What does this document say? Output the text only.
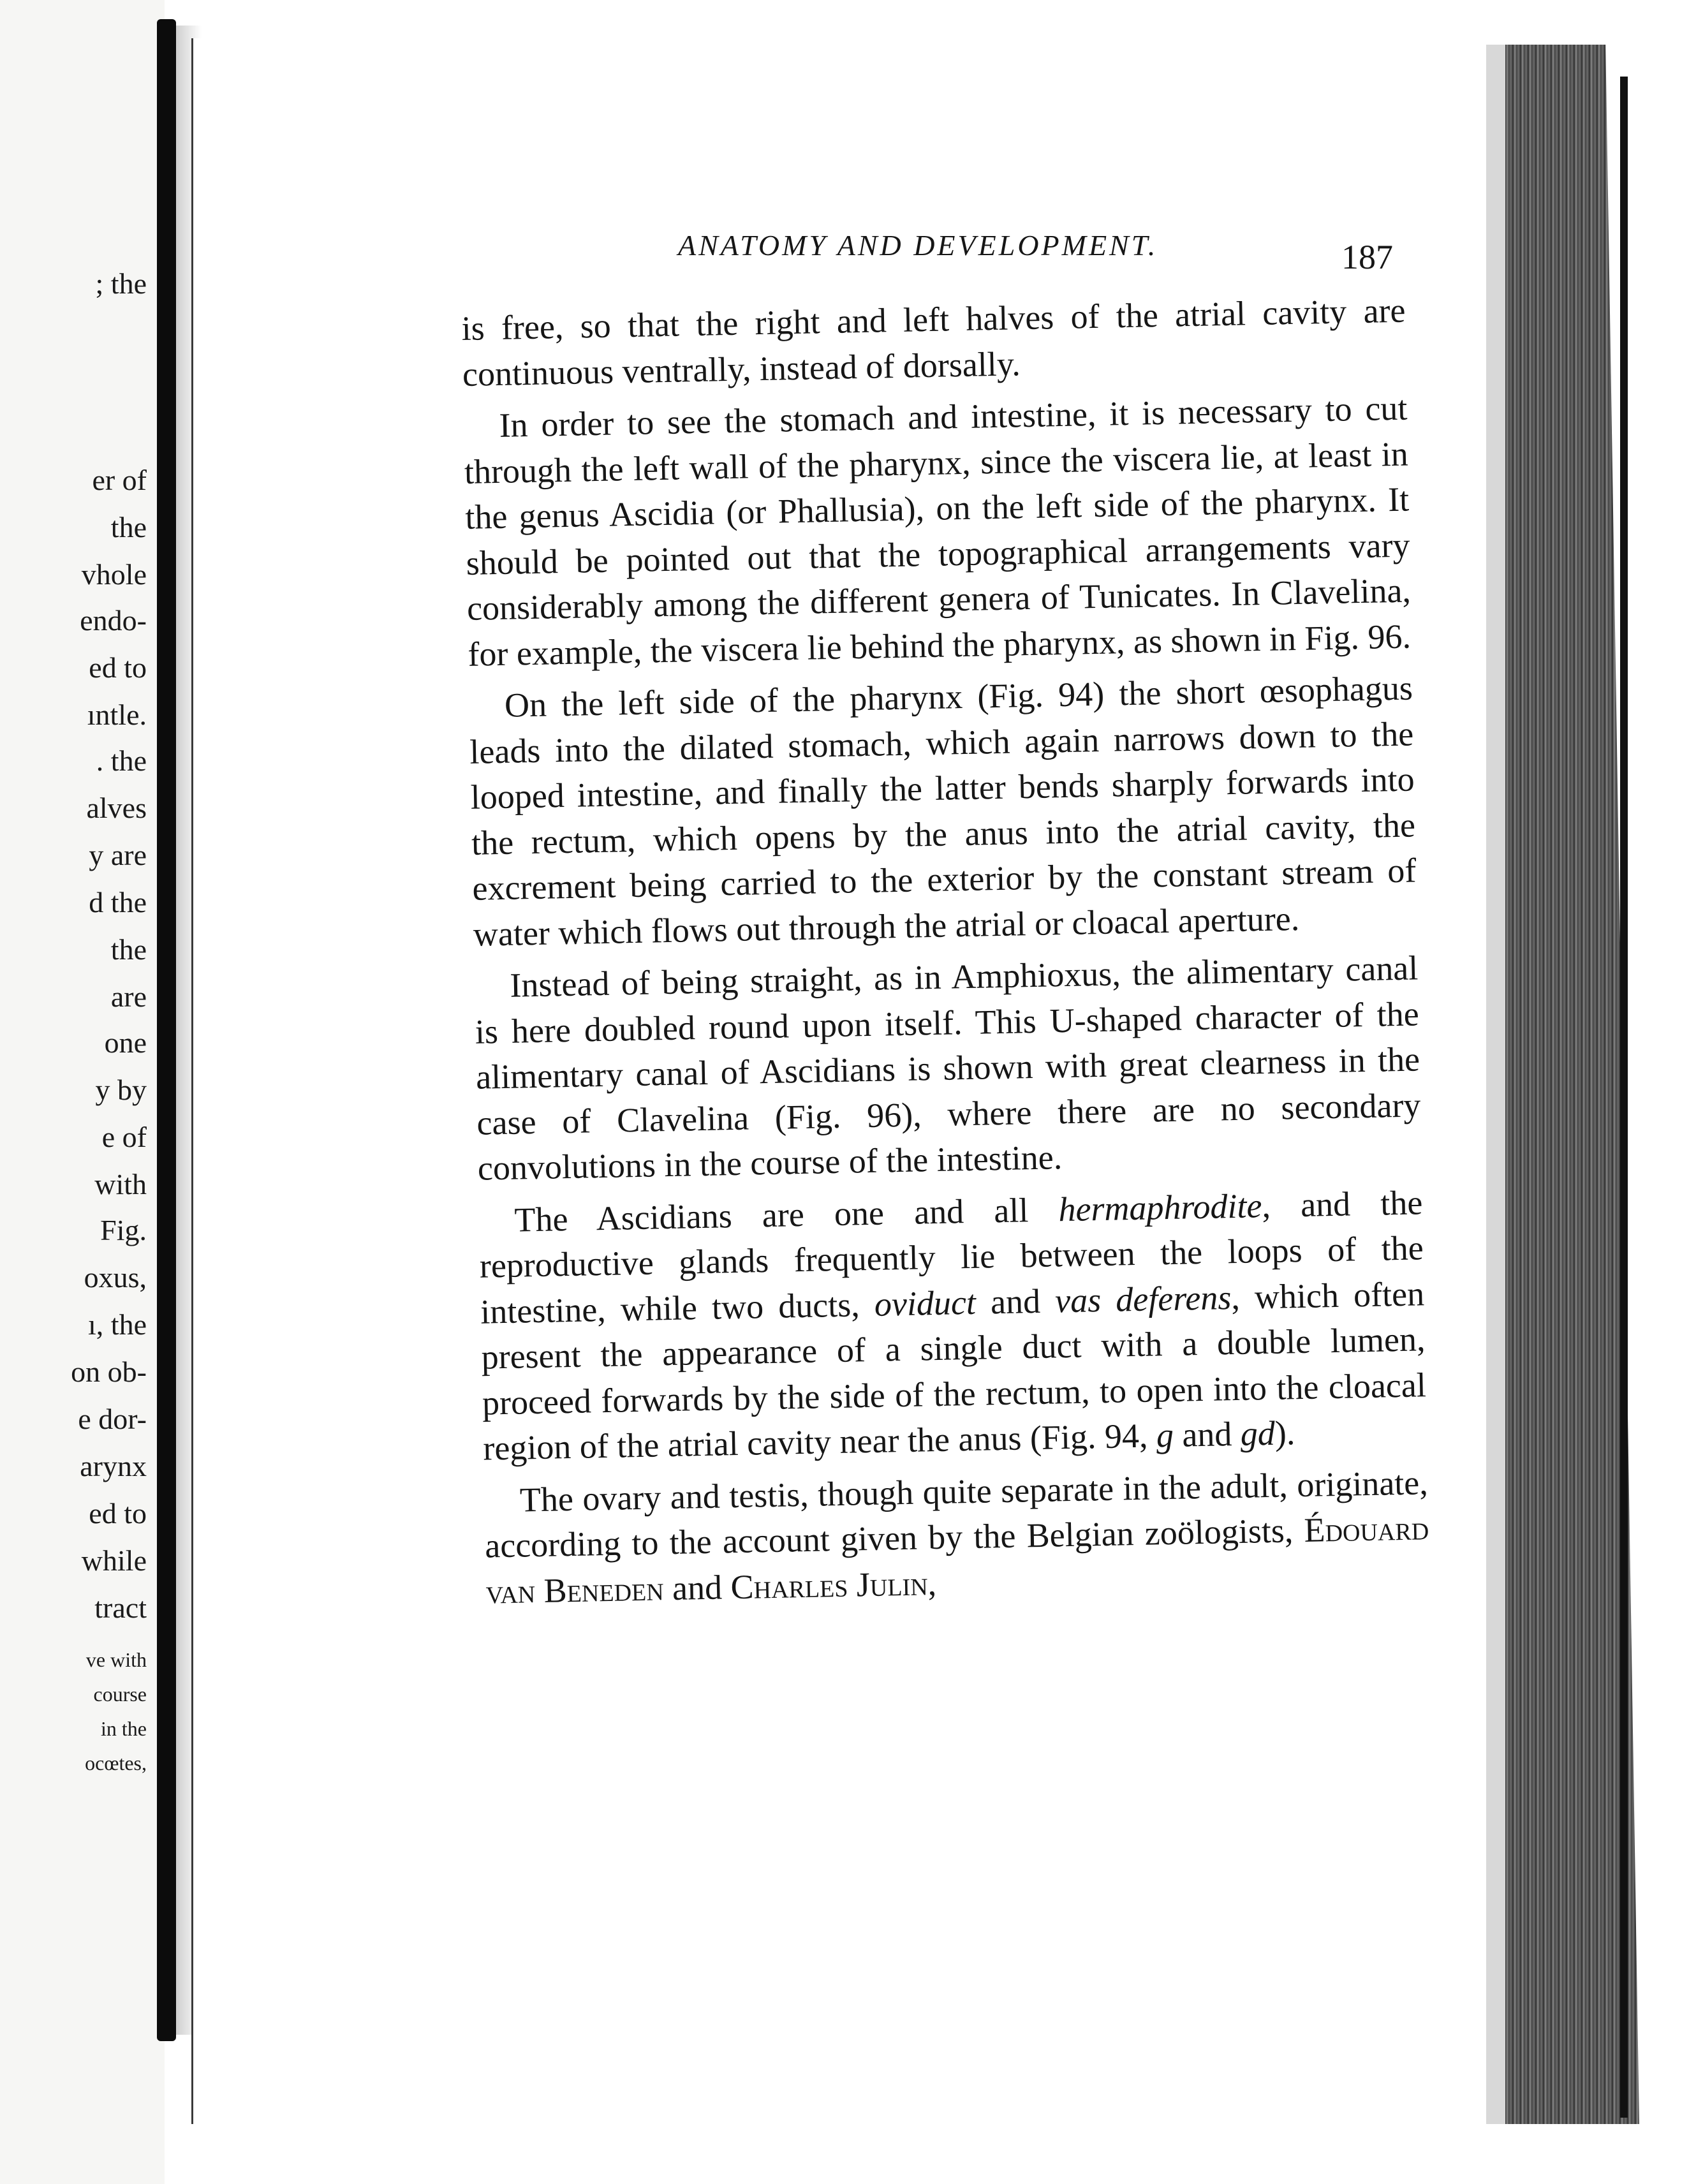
; the
er of
the
vhole
endo-
ed to
ıntle.
. the
alves
y are
d the
the
are
one
y by
e of
with
Fig.
oxus,
ı, the
on ob-
e dor-
arynx
ed to
while
tract
ve with
course
in the
ocœtes,
ANATOMY AND DEVELOPMENT.	187

is free, so that the right and left halves of the atrial cavity are continuous ventrally, instead of dorsally.

In order to see the stomach and intestine, it is necessary to cut through the left wall of the pharynx, since the viscera lie, at least in the genus Ascidia (or Phallusia), on the left side of the pharynx. It should be pointed out that the topographical arrangements vary considerably among the different genera of Tunicates. In Clavelina, for example, the viscera lie behind the pharynx, as shown in Fig. 96.

On the left side of the pharynx (Fig. 94) the short œsophagus leads into the dilated stomach, which again narrows down to the looped intestine, and finally the latter bends sharply forwards into the rectum, which opens by the anus into the atrial cavity, the excrement being carried to the exterior by the constant stream of water which flows out through the atrial or cloacal aperture.

Instead of being straight, as in Amphioxus, the alimentary canal is here doubled round upon itself. This U-shaped character of the alimentary canal of Ascidians is shown with great clearness in the case of Clavelina (Fig. 96), where there are no secondary convolutions in the course of the intestine.

The Ascidians are one and all hermaphrodite, and the reproductive glands frequently lie between the loops of the intestine, while two ducts, oviduct and vas deferens, which often present the appearance of a single duct with a double lumen, proceed forwards by the side of the rectum, to open into the cloacal region of the atrial cavity near the anus (Fig. 94, g and gd).

The ovary and testis, though quite separate in the adult, originate, according to the account given by the Belgian zoölogists, Édouard van Beneden and Charles Julin,
